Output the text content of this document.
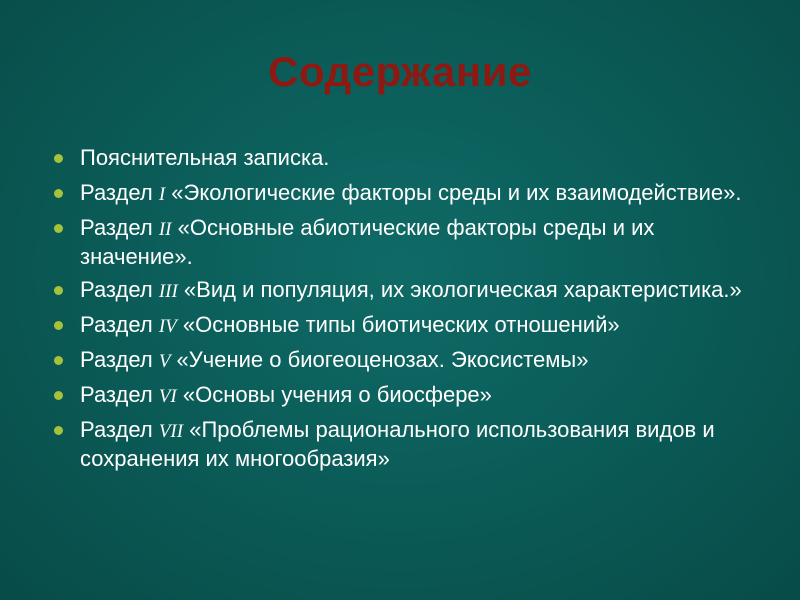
Содержание
Пояснительная записка.
Раздел I «Экологические факторы среды и их взаимодействие».
Раздел II «Основные абиотические факторы среды и их значение».
Раздел III «Вид и популяция, их экологическая характеристика.»
Раздел IV «Основные типы биотических отношений»
Раздел V «Учение о биогеоценозах. Экосистемы»
Раздел VI «Основы учения о биосфере»
Раздел VII «Проблемы рационального использования видов и сохранения их многообразия»
